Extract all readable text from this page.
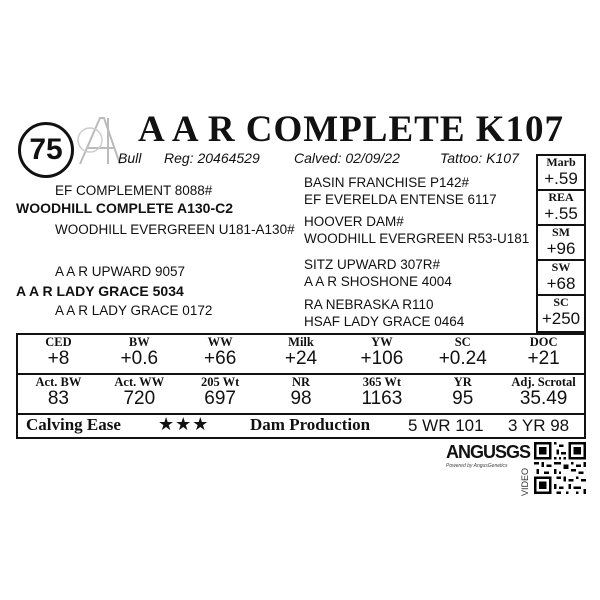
75 A A R COMPLETE K107
Bull Reg: 20464529 Calved: 02/09/22	Tattoo: K107
EF COMPLEMENT 8088#
WOODHILL COMPLETE A130-C2
WOODHILL EVERGREEN U181-A130#
A A R UPWARD 9057
A A R LADY GRACE 5034
A A R LADY GRACE 0172
BASIN FRANCHISE P142#
EF EVERELDA ENTENSE 6117
HOOVER DAM#
WOODHILL EVERGREEN R53-U181
SITZ UPWARD 307R#
A A R SHOSHONE 4004
RA NEBRASKA R110
HSAF LADY GRACE 0464
Marb
+.59
REA
+.55
SM
+96
SW
+68
SC
+250
CED
+8
BW
+0.6
WW
+66
Milk
+24
YW
+106
SC
+0.24
DOC
+21
Act. BW
83
Act. WW
720
205 Wt
697
NR
98
365 Wt
1163
YR
95
Adj. Scrotal
35.49
Calving Ease ★★★ Dam Production 5 WR 101 3 YR 98
ANGUSGS
Powered by AngusGenetics
VIDEO
